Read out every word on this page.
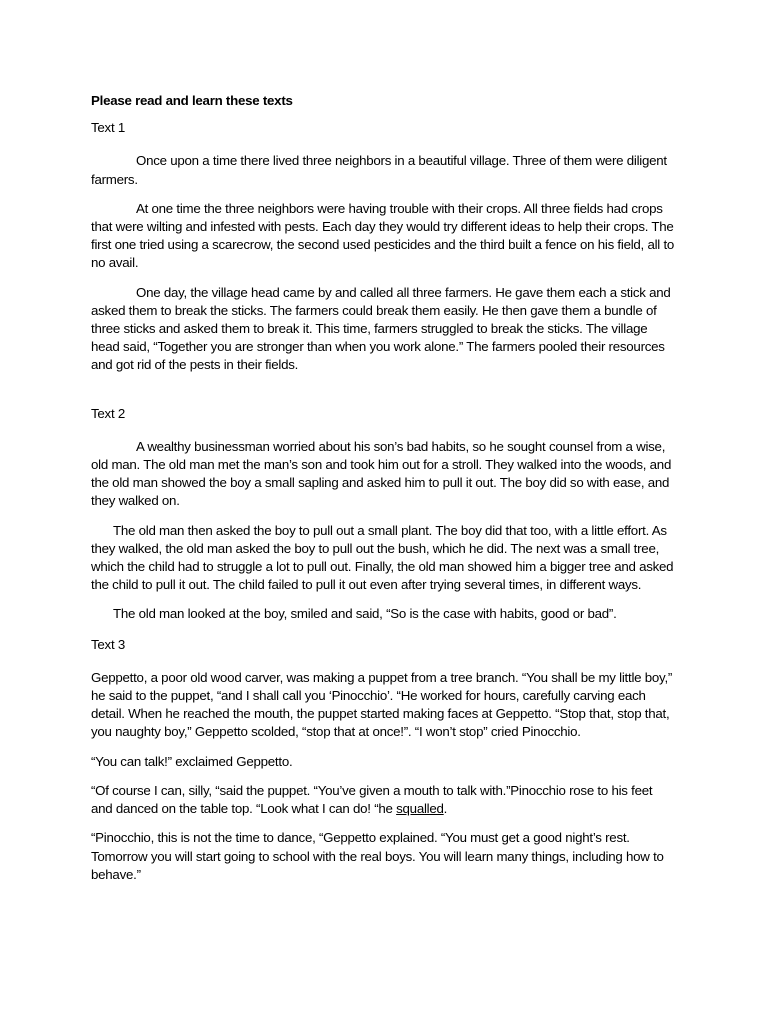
Please read and learn these texts

Text 1

Once upon a time there lived three neighbors in a beautiful village. Three of them were diligent farmers.

At one time the three neighbors were having trouble with their crops. All three fields had crops that were wilting and infested with pests. Each day they would try different ideas to help their crops. The first one tried using a scarecrow, the second used pesticides and the third built a fence on his field, all to no avail.

One day, the village head came by and called all three farmers. He gave them each a stick and asked them to break the sticks. The farmers could break them easily. He then gave them a bundle of three sticks and asked them to break it. This time, farmers struggled to break the sticks. The village head said, “Together you are stronger than when you work alone.” The farmers pooled their resources and got rid of the pests in their fields.

Text 2

A wealthy businessman worried about his son’s bad habits, so he sought counsel from a wise, old man. The old man met the man’s son and took him out for a stroll. They walked into the woods, and the old man showed the boy a small sapling and asked him to pull it out. The boy did so with ease, and they walked on.

The old man then asked the boy to pull out a small plant. The boy did that too, with a little effort. As they walked, the old man asked the boy to pull out the bush, which he did. The next was a small tree, which the child had to struggle a lot to pull out. Finally, the old man showed him a bigger tree and asked the child to pull it out. The child failed to pull it out even after trying several times, in different ways.

The old man looked at the boy, smiled and said, “So is the case with habits, good or bad”.

Text 3

Geppetto, a poor old wood carver, was making a puppet from a tree branch. “You shall be my little boy,” he said to the puppet, “and I shall call you ‘Pinocchio’. “He worked for hours, carefully carving each detail. When he reached the mouth, the puppet started making faces at Geppetto. “Stop that, stop that, you naughty boy,” Geppetto scolded, “stop that at once!”. “I won’t stop” cried Pinocchio.

“You can talk!” exclaimed Geppetto.

“Of course I can, silly, “said the puppet. “You’ve given a mouth to talk with.”Pinocchio rose to his feet and danced on the table top. “Look what I can do! “he squalled.

“Pinocchio, this is not the time to dance, “Geppetto explained. “You must get a good night’s rest. Tomorrow you will start going to school with the real boys. You will learn many things, including how to behave.”
